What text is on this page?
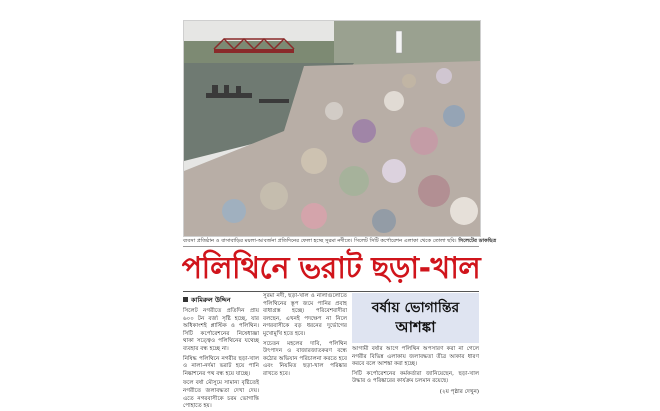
ব্যবসা প্রতিষ্ঠান ও বাসাবাড়ির ময়লা-আবর্জনা প্রতিদিনের ফেলা হচ্ছে সুরমা নদীতে। সিলেট সিটি কর্পোরেশন এলাকা থেকে তোলা ছবি। সিলেটের ডাকছিত্র
পলিথিনে ভরাট ছড়া-খাল
কামিরুল উদ্দিন

সিলেট নগরীতে প্রতিদিন প্রায় ৬০০ টন বর্জ্য সৃষ্টি হচ্ছে, যার অধিকাংশই প্লাস্টিক ও পলিথিন। সিটি কর্পোরেশনের নিষেধাজ্ঞা থাকা সত্ত্বেও পলিথিনের যথেচ্ছ ব্যবহার বন্ধ হচ্ছে না।

নিষিদ্ধ পলিথিনে নগরীর ছড়া-খাল ও নালা-নর্দমা ভরাট হয়ে পানি নিষ্কাশনের পথ বন্ধ হয়ে যাচ্ছে।

ফলে বর্ষা মৌসুমে সামান্য বৃষ্টিতেই নগরীতে জলাবদ্ধতা দেখা দেয়। এতে নগরবাসীকে চরম ভোগান্তি পোহাতে হয়।

সুরমা নদী, ছড়া-খাল ও নালাগুলোতে পলিথিনের স্তূপ জমে পানির প্রবাহ বাধাগ্রস্ত হচ্ছে। পরিবেশবাদীরা বলছেন, এখনই পদক্ষেপ না নিলে নগরবাসীকে বড় ধরনের দুর্ভোগের মুখোমুখি হতে হবে।

সচেতন মহলের দাবি, পলিথিন উৎপাদন ও বাজারজাতকরণ বন্ধে কঠোর অভিযান পরিচালনা করতে হবে এবং নিয়মিত ছড়া-খাল পরিষ্কার রাখতে হবে।

বর্ষায় ভোগান্তির
আশঙ্কা

আগামী বর্ষার আগে পলিথিন অপসারণ করা না গেলে নগরীর বিভিন্ন এলাকায় জলাবদ্ধতা তীব্র আকার ধারণ করবে বলে আশঙ্কা করা হচ্ছে।

সিটি কর্পোরেশনের কর্মকর্তারা জানিয়েছেন, ছড়া-খাল উদ্ধার ও পরিষ্কারের কার্যক্রম চলমান রয়েছে।

(২য় পৃষ্ঠার দেখুন)
